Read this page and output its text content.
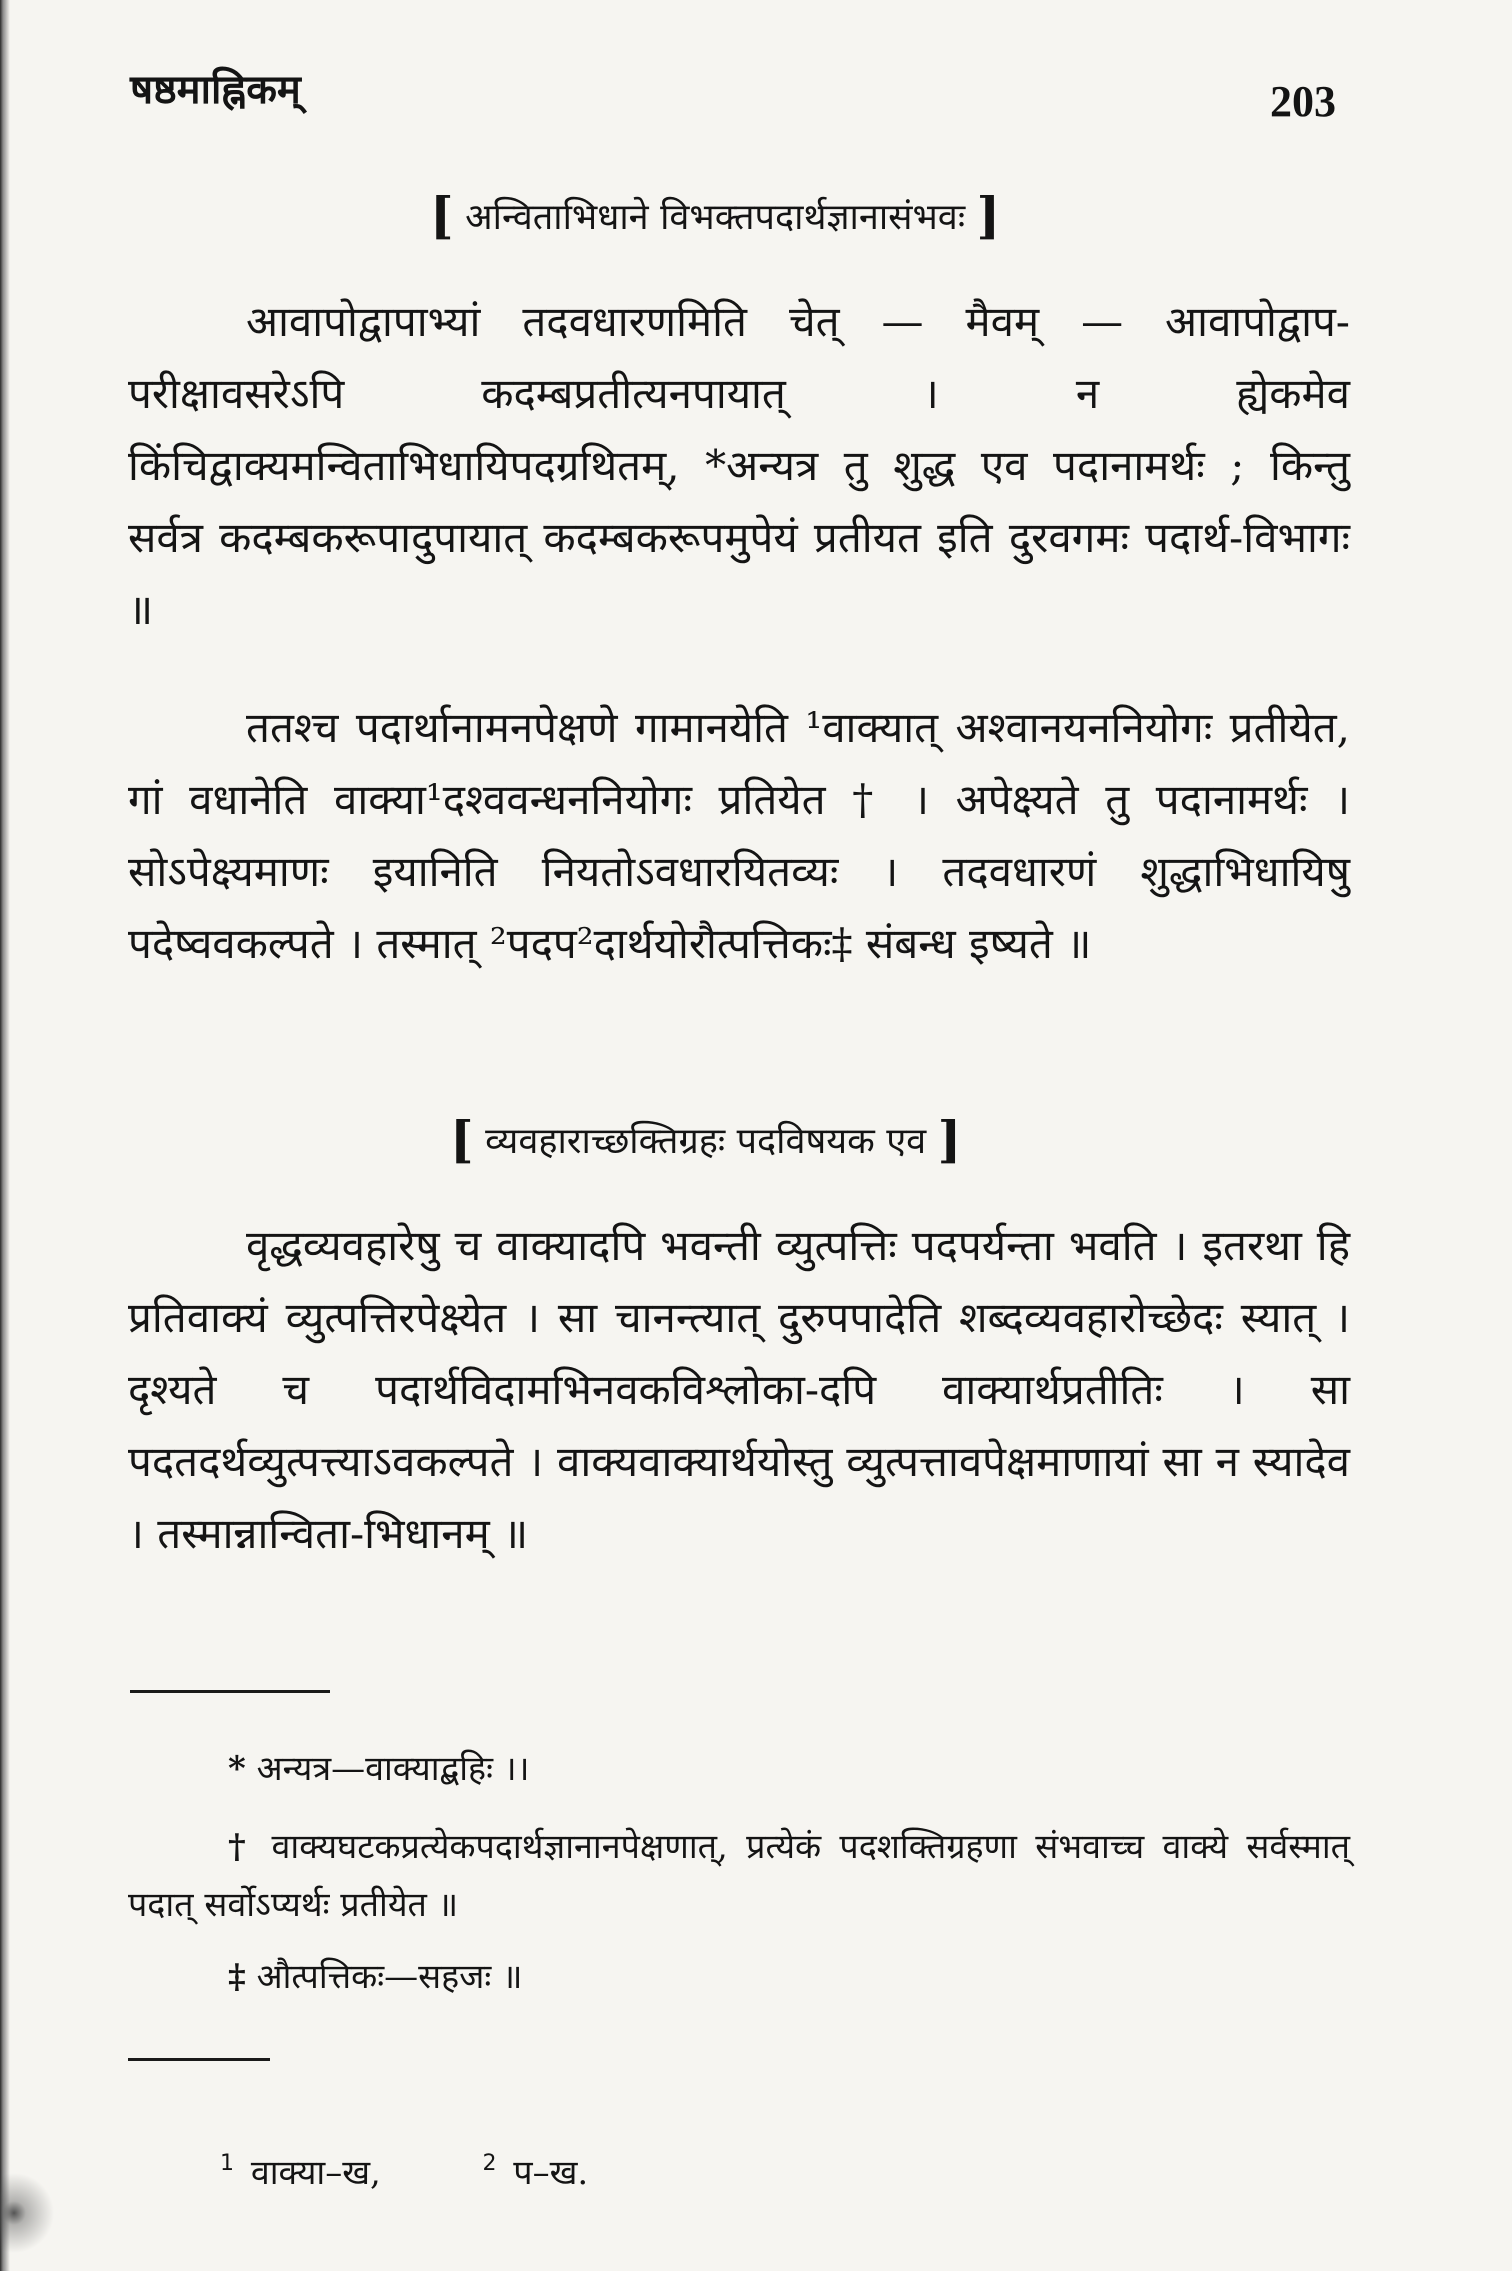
षष्ठमाह्निकम्	203
[ अन्विताभिधाने विभक्तपदार्थज्ञानासंभवः ]

आवापोद्वापाभ्यां तदवधारणमिति चेत् — मैवम् — आवापोद्वाप-परीक्षावसरेऽपि कदम्बप्रतीत्यनपायात् । न ह्येकमेव किंचिद्वाक्यमन्विताभिधायिपदग्रथितम्, *अन्यत्र तु शुद्ध एव पदानामर्थः ; किन्तु सर्वत्र कदम्बकरूपादुपायात् कदम्बकरूपमुपेयं प्रतीयत इति दुरवगमः पदार्थ-विभागः ॥

ततश्च पदार्थानामनपेक्षणे गामानयेति ¹वाक्यात् अश्वानयननियोगः प्रतीयेत, गां वधानेति वाक्या¹दश्ववन्धननियोगः प्रतियेत † । अपेक्ष्यते तु पदानामर्थः । सोऽपेक्ष्यमाणः इयानिति नियतोऽवधारयितव्यः । तदवधारणं शुद्धाभिधायिषु पदेष्ववकल्पते । तस्मात् ²पदप²दार्थयोरौत्पत्तिकः‡ संबन्ध इष्यते ॥

[ व्यवहाराच्छक्तिग्रहः पदविषयक एव ]

वृद्धव्यवहारेषु च वाक्यादपि भवन्ती व्युत्पत्तिः पदपर्यन्ता भवति । इतरथा हि प्रतिवाक्यं व्युत्पत्तिरपेक्ष्येत । सा चानन्त्यात् दुरुपपादेति शब्दव्यवहारोच्छेदः स्यात् । दृश्यते च पदार्थविदामभिनवकविश्लोका-दपि वाक्यार्थप्रतीतिः । सा पदतदर्थव्युत्पत्त्याऽवकल्पते । वाक्यवाक्यार्थयोस्तु व्युत्पत्तावपेक्षमाणायां सा न स्यादेव । तस्मान्नान्विता-भिधानम् ॥

* अन्यत्र—वाक्याद्बहिः ।।

† वाक्यघटकप्रत्येकपदार्थज्ञानानपेक्षणात्, प्रत्येकं पदशक्तिग्रहणा संभवाच्च वाक्ये सर्वस्मात् पदात् सर्वोऽप्यर्थः प्रतीयेत ॥

‡ औत्पत्तिकः—सहजः ॥

$^1$ वाक्या–ख,	$^2$ प–ख.
